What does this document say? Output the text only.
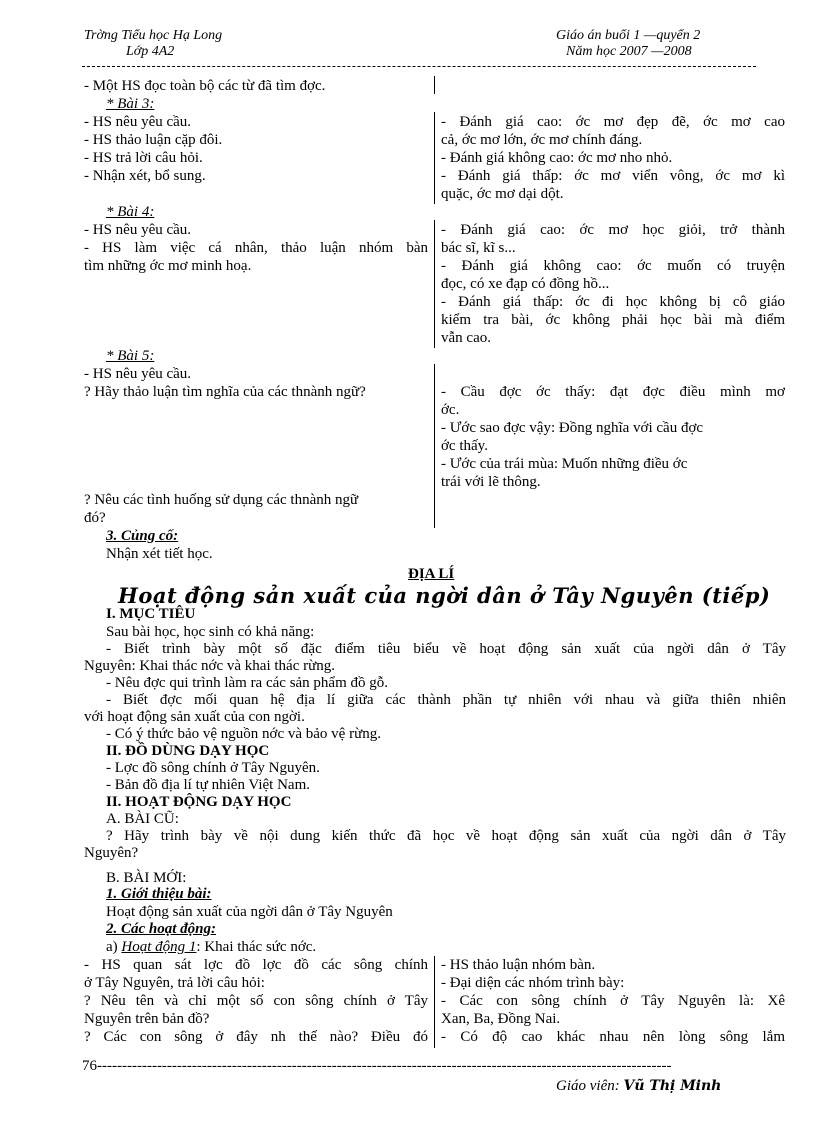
Trờng Tiểu học Hạ Long
Lớp 4A2
Giáo án buổi 1 —quyển 2
Năm học 2007 —2008
- Một HS đọc toàn bộ các từ đã tìm đợc.
* Bài 3:
- HS nêu yêu cầu.
- HS thảo luận cặp đôi.
- HS trả lời câu hỏi.
- Nhận xét, bổ sung.
- Đánh giá cao: ớc mơ đẹp đẽ, ớc mơ cao
cả, ớc mơ lớn, ớc mơ chính đáng.
- Đánh giá không cao: ớc mơ nho nhỏ.
- Đánh giá thấp: ớc mơ viển vông, ớc mơ kì
quặc, ớc mơ dại dột.
* Bài 4:
- HS nêu yêu cầu.
- HS làm việc cá nhân, thảo luận nhóm bàn
tìm những ớc mơ minh hoạ.
- Đánh giá cao: ớc mơ học giỏi, trở thành
bác sĩ, kĩ s...
- Đánh giá không cao: ớc muốn có truyện
đọc, có xe đạp có đồng hồ...
- Đánh giá thấp: ớc đi học không bị cô giáo
kiểm tra bài, ớc không phải học bài mà điểm
vẫn cao.
* Bài 5:
- HS nêu yêu cầu.
? Hãy thảo luận tìm nghĩa của các thnành ngữ?	- Cầu đợc ớc thấy: đạt đợc điều mình mơ
ớc.
- Ước sao đợc vậy: Đồng nghĩa với cầu đợc
ớc thấy.
- Ước của trái mùa: Muốn những điều ớc
trái với lẽ thông.
? Nêu các tình huống sử dụng các thnành ngữ
đó?
3. Củng cố:
Nhận xét tiết học.
ĐỊA LÍ
Hoạt động sản xuất của ngời dân ở Tây Nguyên (tiếp)
I. MỤC TIÊU
Sau bài học, học sinh có khả năng:
- Biết trình bày một số đặc điểm tiêu biểu về hoạt động sản xuất của ngời dân ở Tây
Nguyên: Khai thác nớc và khai thác rừng.
- Nêu đợc qui trình làm ra các sản phẩm đồ gỗ.
- Biết đợc mối quan hệ địa lí giữa các thành phần tự nhiên với nhau và giữa thiên nhiên
với hoạt động sản xuất của con ngời.
- Có ý thức bảo vệ nguồn nớc và bảo vệ rừng.
II. ĐỒ DÙNG DẠY HỌC
- Lợc đồ sông chính ở Tây Nguyên.
- Bản đồ địa lí tự nhiên Việt Nam.
II. HOẠT ĐỘNG DẠY HỌC
A. BÀI CŨ:
? Hãy trình bày về nội dung kiến thức đã học về hoạt động sản xuất của ngời dân ở Tây
Nguyên?
B. BÀI MỚI:
1. Giới thiệu bài:
Hoạt động sản xuất của ngời dân ở Tây Nguyên
2. Các hoạt động:
a) Hoạt động 1: Khai thác sức nớc.
- HS quan sát lợc đồ lợc đồ các sông chính
ở Tây Nguyên, trả lời câu hỏi:
? Nêu tên và chỉ một số con sông chính ở Tây
Nguyên trên bản đồ?
? Các con sông ở đây nh thế nào? Điều đó
- HS thảo luận nhóm bàn.
- Đại diện các nhóm trình bày:
- Các con sông chính ở Tây Nguyên là: Xê
Xan, Ba, Đồng Nai.
- Có độ cao khác nhau nên lòng sông lắm
76-------------------------------------------------------------------------------------------------------------------
Giáo viên: Vũ Thị Minh
